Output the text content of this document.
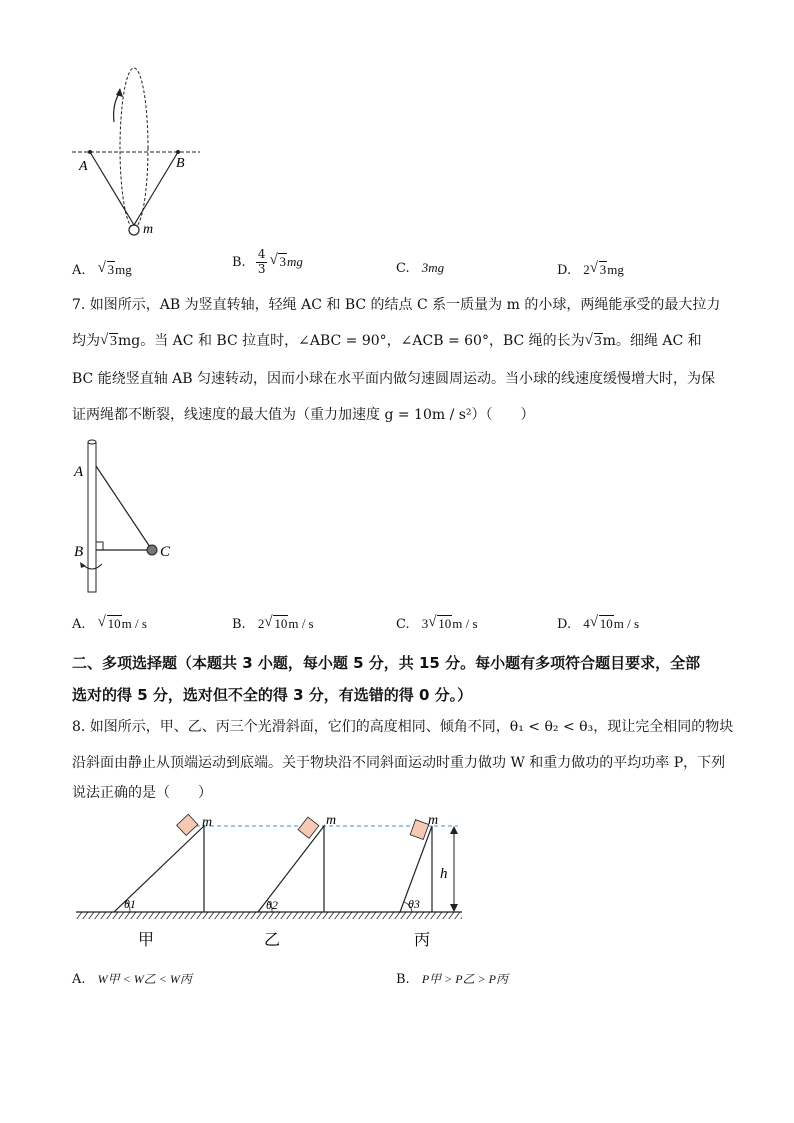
A	B
m
A. √ 3mg	B. $\frac{4}{3}$ √ 3mg	C. 3mg	D. 2 √ 3mg
7. 如图所示，AB 为竖直转轴，轻绳 AC 和 BC 的结点 C 系一质量为 m 的小球，两绳能承受的最大拉力
均为 √ 3mg。当 AC 和 BC 拉直时，∠ABC = 90°，∠ACB = 60°，BC 绳的长为 √ 3m。细绳 AC 和
BC 能绕竖直轴 AB 匀速转动，因而小球在水平面内做匀速圆周运动。当小球的线速度缓慢增大时，为保
证两绳都不断裂，线速度的最大值为（重力加速度 g = 10m / s²）（　　）
A
B	C
A. √ 10m / s	B. 2 √ 10m / s	C. 3 √ 10m / s	D. 4 √ 10m / s
二、多项选择题（本题共 3 小题，每小题 5 分，共 15 分。每小题有多项符合题目要求，全部
选对的得 5 分，选对但不全的得 3 分，有选错的得 0 分。）
8. 如图所示，甲、乙、丙三个光滑斜面，它们的高度相同、倾角不同，θ₁ < θ₂ < θ₃，现让完全相同的物块
沿斜面由静止从顶端运动到底端。关于物块沿不同斜面运动时重力做功 W 和重力做功的平均功率 P，下列
说法正确的是（　　）
m	m	m
h
θ1	θ2	θ3
甲	乙	丙
A. W甲 < W乙 < W丙	B. P甲 > P乙 > P丙
